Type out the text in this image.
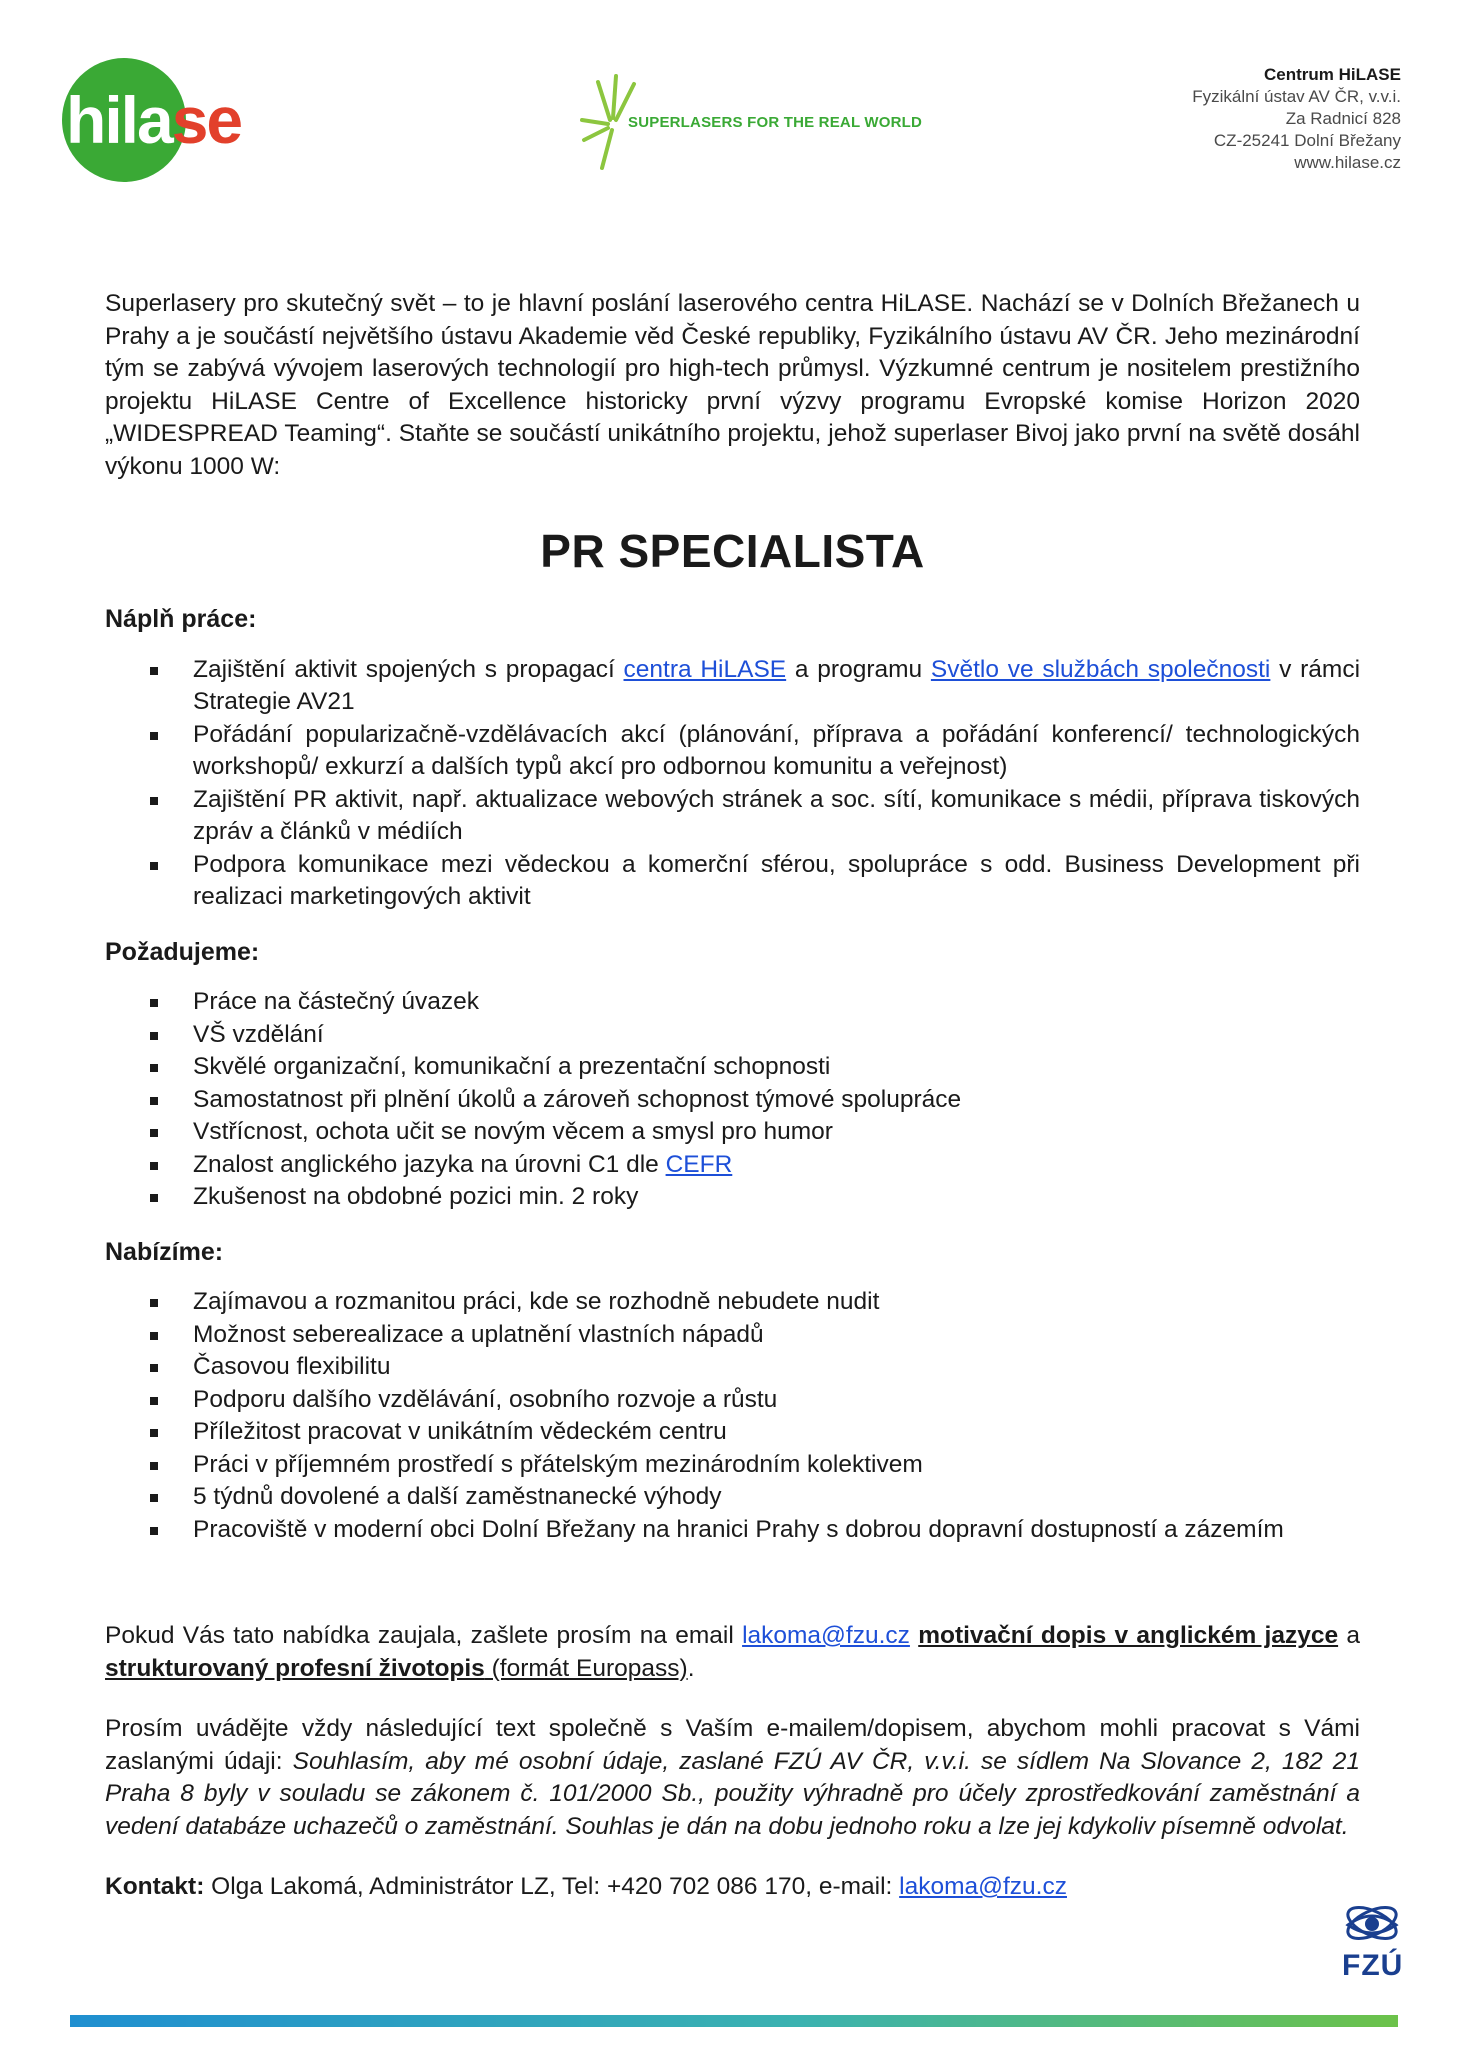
hilase	SUPERLASERS FOR THE REAL WORLD
Centrum HiLASE
Fyzikální ústav AV ČR, v.v.i.
Za Radnicí 828
CZ-25241 Dolní Břežany
www.hilase.cz

Superlasery pro skutečný svět – to je hlavní poslání laserového centra HiLASE. Nachází se v Dolních Břežanech u Prahy a je součástí největšího ústavu Akademie věd České republiky, Fyzikálního ústavu AV ČR. Jeho mezinárodní tým se zabývá vývojem laserových technologií pro high-tech průmysl. Výzkumné centrum je nositelem prestižního projektu HiLASE Centre of Excellence historicky první výzvy programu Evropské komise Horizon 2020 „WIDESPREAD Teaming“. Staňte se součástí unikátního projektu, jehož superlaser Bivoj jako první na světě dosáhl výkonu 1000 W:

PR SPECIALISTA

Náplň práce:

Zajištění aktivit spojených s propagací centra HiLASE a programu Světlo ve službách společnosti v rámci Strategie AV21
Pořádání popularizačně-vzdělávacích akcí (plánování, příprava a pořádání konferencí/ technologických workshopů/ exkurzí a dalších typů akcí pro odbornou komunitu a veřejnost)
Zajištění PR aktivit, např. aktualizace webových stránek a soc. sítí, komunikace s médii, příprava tiskových zpráv a článků v médiích
Podpora komunikace mezi vědeckou a komerční sférou, spolupráce s odd. Business Development při realizaci marketingových aktivit

Požadujeme:

Práce na částečný úvazek
VŠ vzdělání
Skvělé organizační, komunikační a prezentační schopnosti
Samostatnost při plnění úkolů a zároveň schopnost týmové spolupráce
Vstřícnost, ochota učit se novým věcem a smysl pro humor
Znalost anglického jazyka na úrovni C1 dle CEFR
Zkušenost na obdobné pozici min. 2 roky

Nabízíme:

Zajímavou a rozmanitou práci, kde se rozhodně nebudete nudit
Možnost seberealizace a uplatnění vlastních nápadů
Časovou flexibilitu
Podporu dalšího vzdělávání, osobního rozvoje a růstu
Příležitost pracovat v unikátním vědeckém centru
Práci v příjemném prostředí s přátelským mezinárodním kolektivem
5 týdnů dovolené a další zaměstnanecké výhody
Pracoviště v moderní obci Dolní Břežany na hranici Prahy s dobrou dopravní dostupností a zázemím

Pokud Vás tato nabídka zaujala, zašlete prosím na email lakoma@fzu.cz motivační dopis v anglickém jazyce a strukturovaný profesní životopis (formát Europass).

Prosím uvádějte vždy následující text společně s Vaším e-mailem/dopisem, abychom mohli pracovat s Vámi zaslanými údaji: Souhlasím, aby mé osobní údaje, zaslané FZÚ AV ČR, v.v.i. se sídlem Na Slovance 2, 182 21 Praha 8 byly v souladu se zákonem č. 101/2000 Sb., použity výhradně pro účely zprostředkování zaměstnání a vedení databáze uchazečů o zaměstnání. Souhlas je dán na dobu jednoho roku a lze jej kdykoliv písemně odvolat.

Kontakt: Olga Lakomá, Administrátor LZ, Tel: +420 702 086 170, e-mail: lakoma@fzu.cz

FZÚ
